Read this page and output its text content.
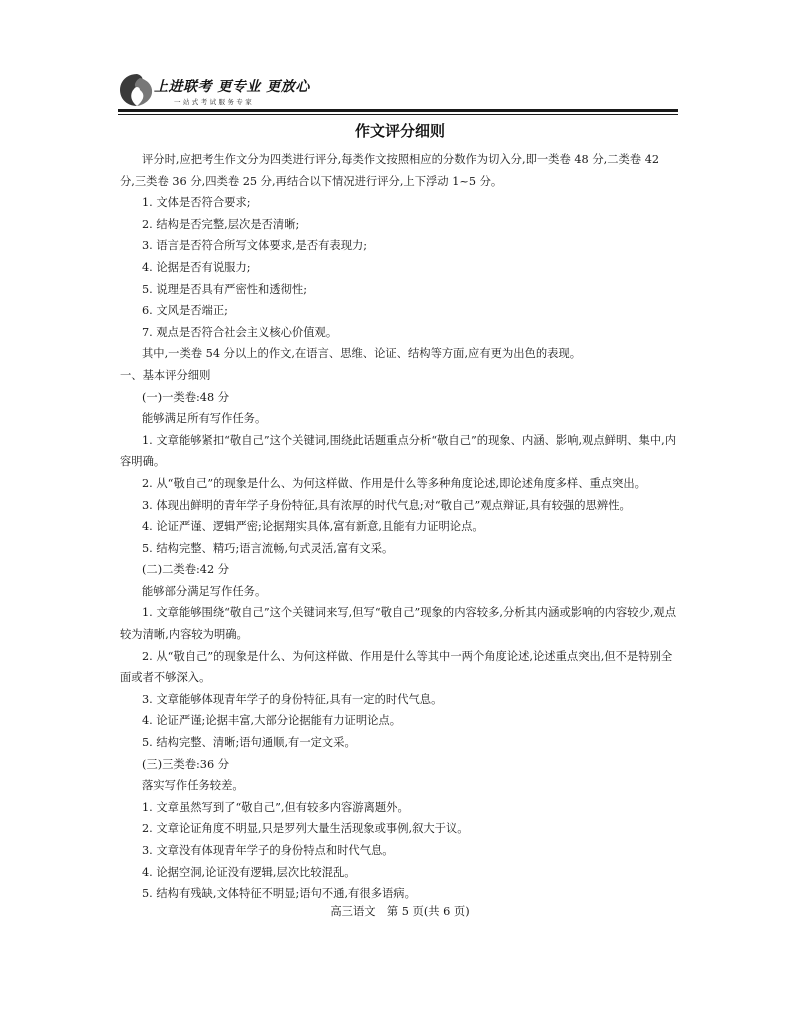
上进联考 更专业 更放心
一站式考试服务专家
作文评分细则

评分时,应把考生作文分为四类进行评分,每类作文按照相应的分数作为切入分,即一类卷 48 分,二类卷 42 分,三类卷 36 分,四类卷 25 分,再结合以下情况进行评分,上下浮动 1~5 分。

1. 文体是否符合要求;

2. 结构是否完整,层次是否清晰;

3. 语言是否符合所写文体要求,是否有表现力;

4. 论据是否有说服力;

5. 说理是否具有严密性和透彻性;

6. 文风是否端正;

7. 观点是否符合社会主义核心价值观。

其中,一类卷 54 分以上的作文,在语言、思维、论证、结构等方面,应有更为出色的表现。

一、基本评分细则

(一)一类卷:48 分

能够满足所有写作任务。

1. 文章能够紧扣“敬自己”这个关键词,围绕此话题重点分析“敬自己”的现象、内涵、影响,观点鲜明、集中,内容明确。

2. 从“敬自己”的现象是什么、为何这样做、作用是什么等多种角度论述,即论述角度多样、重点突出。

3. 体现出鲜明的青年学子身份特征,具有浓厚的时代气息;对“敬自己”观点辩证,具有较强的思辨性。

4. 论证严谨、逻辑严密;论据翔实具体,富有新意,且能有力证明论点。

5. 结构完整、精巧;语言流畅,句式灵活,富有文采。

(二)二类卷:42 分

能够部分满足写作任务。

1. 文章能够围绕“敬自己”这个关键词来写,但写“敬自己”现象的内容较多,分析其内涵或影响的内容较少,观点较为清晰,内容较为明确。

2. 从“敬自己”的现象是什么、为何这样做、作用是什么等其中一两个角度论述,论述重点突出,但不是特别全面或者不够深入。

3. 文章能够体现青年学子的身份特征,具有一定的时代气息。

4. 论证严谨;论据丰富,大部分论据能有力证明论点。

5. 结构完整、清晰;语句通顺,有一定文采。

(三)三类卷:36 分

落实写作任务较差。

1. 文章虽然写到了“敬自己”,但有较多内容游离题外。

2. 文章论证角度不明显,只是罗列大量生活现象或事例,叙大于议。

3. 文章没有体现青年学子的身份特点和时代气息。

4. 论据空洞,论证没有逻辑,层次比较混乱。

5. 结构有残缺,文体特征不明显;语句不通,有很多语病。

高三语文　第 5 页(共 6 页)
